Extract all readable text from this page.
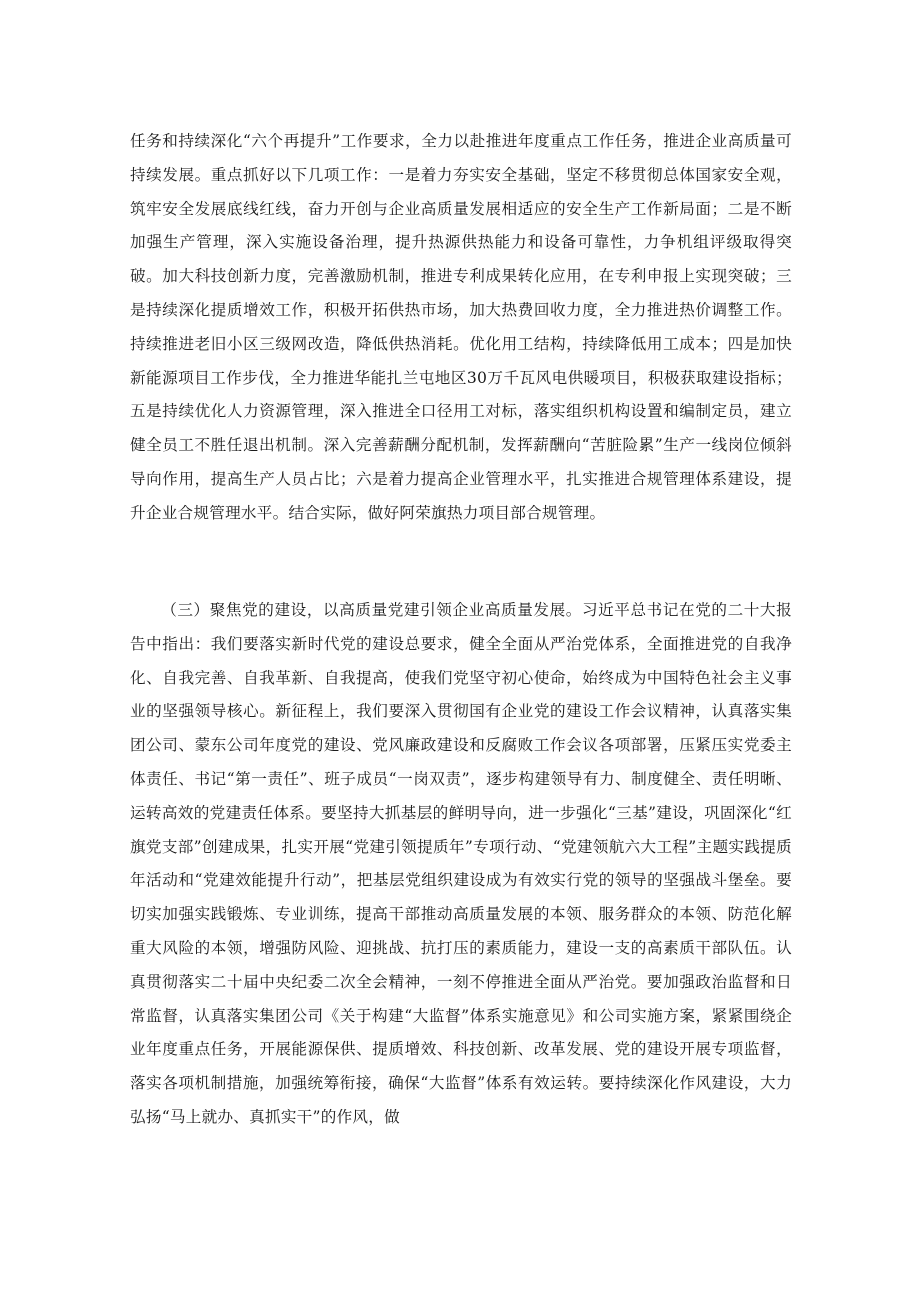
任务和持续深化“六个再提升”工作要求，全力以赴推进年度重点工作任务，推进企业高质量可持续发展。重点抓好以下几项工作：一是着力夯实安全基础，坚定不移贯彻总体国家安全观，筑牢安全发展底线红线，奋力开创与企业高质量发展相适应的安全生产工作新局面；二是不断加强生产管理，深入实施设备治理，提升热源供热能力和设备可靠性，力争机组评级取得突破。加大科技创新力度，完善激励机制，推进专利成果转化应用，在专利申报上实现突破；三是持续深化提质增效工作，积极开拓供热市场，加大热费回收力度，全力推进热价调整工作。持续推进老旧小区三级网改造，降低供热消耗。优化用工结构，持续降低用工成本；四是加快新能源项目工作步伐，全力推进华能扎兰屯地区30万千瓦风电供暖项目，积极获取建设指标；五是持续优化人力资源管理，深入推进全口径用工对标，落实组织机构设置和编制定员，建立健全员工不胜任退出机制。深入完善薪酬分配机制，发挥薪酬向“苦脏险累”生产一线岗位倾斜导向作用，提高生产人员占比；六是着力提高企业管理水平，扎实推进合规管理体系建设，提升企业合规管理水平。结合实际，做好阿荣旗热力项目部合规管理。

（三）聚焦党的建设，以高质量党建引领企业高质量发展。习近平总书记在党的二十大报告中指出：我们要落实新时代党的建设总要求，健全全面从严治党体系，全面推进党的自我净化、自我完善、自我革新、自我提高，使我们党坚守初心使命，始终成为中国特色社会主义事业的坚强领导核心。新征程上，我们要深入贯彻国有企业党的建设工作会议精神，认真落实集团公司、蒙东公司年度党的建设、党风廉政建设和反腐败工作会议各项部署，压紧压实党委主体责任、书记“第一责任”、班子成员“一岗双责”，逐步构建领导有力、制度健全、责任明晰、运转高效的党建责任体系。要坚持大抓基层的鲜明导向，进一步强化“三基”建设，巩固深化“红旗党支部”创建成果，扎实开展“党建引领提质年”专项行动、“党建领航六大工程”主题实践提质年活动和“党建效能提升行动”，把基层党组织建设成为有效实行党的领导的坚强战斗堡垒。要切实加强实践锻炼、专业训练，提高干部推动高质量发展的本领、服务群众的本领、防范化解重大风险的本领，增强防风险、迎挑战、抗打压的素质能力，建设一支的高素质干部队伍。认真贯彻落实二十届中央纪委二次全会精神，一刻不停推进全面从严治党。要加强政治监督和日常监督，认真落实集团公司《关于构建“大监督”体系实施意见》和公司实施方案，紧紧围绕企业年度重点任务，开展能源保供、提质增效、科技创新、改革发展、党的建设开展专项监督，落实各项机制措施，加强统筹衔接，确保“大监督”体系有效运转。要持续深化作风建设，大力弘扬“马上就办、真抓实干”的作风，做
